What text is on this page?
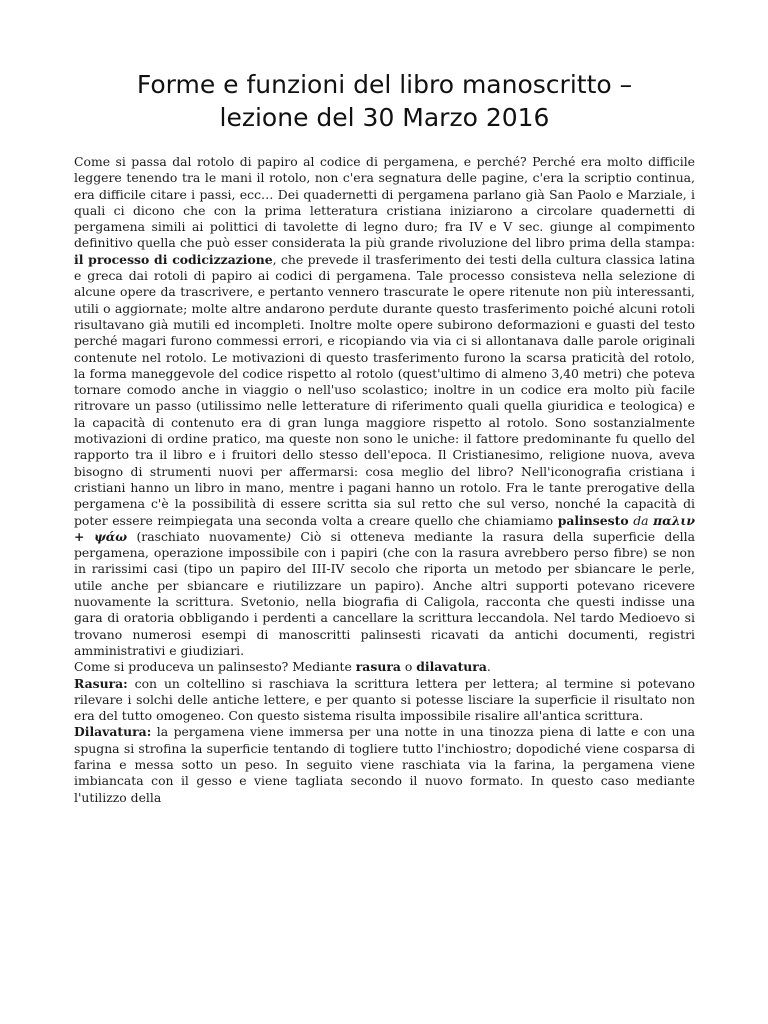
Forme e funzioni del libro manoscritto –
lezione del 30 Marzo 2016

Come si passa dal rotolo di papiro al codice di pergamena, e perché? Perché era molto difficile leggere tenendo tra le mani il rotolo, non c'era segnatura delle pagine, c'era la scriptio continua, era difficile citare i passi, ecc… Dei quadernetti di pergamena parlano già San Paolo e Marziale, i quali ci dicono che con la prima letteratura cristiana iniziarono a circolare quadernetti di pergamena simili ai polittici di tavolette di legno duro; fra IV e V sec. giunge al compimento definitivo quella che può esser considerata la più grande rivoluzione del libro prima della stampa: il processo di codicizzazione, che prevede il trasferimento dei testi della cultura classica latina e greca dai rotoli di papiro ai codici di pergamena. Tale processo consisteva nella selezione di alcune opere da trascrivere, e pertanto vennero trascurate le opere ritenute non più interessanti, utili o aggiornate; molte altre andarono perdute durante questo trasferimento poiché alcuni rotoli risultavano già mutili ed incompleti. Inoltre molte opere subirono deformazioni e guasti del testo perché magari furono commessi errori, e ricopiando via via ci si allontanava dalle parole originali contenute nel rotolo. Le motivazioni di questo trasferimento furono la scarsa praticità del rotolo, la forma maneggevole del codice rispetto al rotolo (quest'ultimo di almeno 3,40 metri) che poteva tornare comodo anche in viaggio o nell'uso scolastico; inoltre in un codice era molto più facile ritrovare un passo (utilissimo nelle letterature di riferimento quali quella giuridica e teologica) e la capacità di contenuto era di gran lunga maggiore rispetto al rotolo. Sono sostanzialmente motivazioni di ordine pratico, ma queste non sono le uniche: il fattore predominante fu quello del rapporto tra il libro e i fruitori dello stesso dell'epoca. Il Cristianesimo, religione nuova, aveva bisogno di strumenti nuovi per affermarsi: cosa meglio del libro? Nell'iconografia cristiana i cristiani hanno un libro in mano, mentre i pagani hanno un rotolo. Fra le tante prerogative della pergamena c'è la possibilità di essere scritta sia sul retto che sul verso, nonché la capacità di poter essere reimpiegata una seconda volta a creare quello che chiamiamo palinsesto da παλιν + ψάω (raschiato nuovamente) Ciò si otteneva mediante la rasura della superficie della pergamena, operazione impossibile con i papiri (che con la rasura avrebbero perso fibre) se non in rarissimi casi (tipo un papiro del III-IV secolo che riporta un metodo per sbiancare le perle, utile anche per sbiancare e riutilizzare un papiro). Anche altri supporti potevano ricevere nuovamente la scrittura. Svetonio, nella biografia di Caligola, racconta che questi indisse una gara di oratoria obbligando i perdenti a cancellare la scrittura leccandola. Nel tardo Medioevo si trovano numerosi esempi di manoscritti palinsesti ricavati da antichi documenti, registri amministrativi e giudiziari.

Come si produceva un palinsesto? Mediante rasura o dilavatura.

Rasura: con un coltellino si raschiava la scrittura lettera per lettera; al termine si potevano rilevare i solchi delle antiche lettere, e per quanto si potesse lisciare la superficie il risultato non era del tutto omogeneo. Con questo sistema risulta impossibile risalire all'antica scrittura.

Dilavatura: la pergamena viene immersa per una notte in una tinozza piena di latte e con una spugna si strofina la superficie tentando di togliere tutto l'inchiostro; dopodiché viene cosparsa di farina e messa sotto un peso. In seguito viene raschiata via la farina, la pergamena viene imbiancata con il gesso e viene tagliata secondo il nuovo formato. In questo caso mediante l'utilizzo della
